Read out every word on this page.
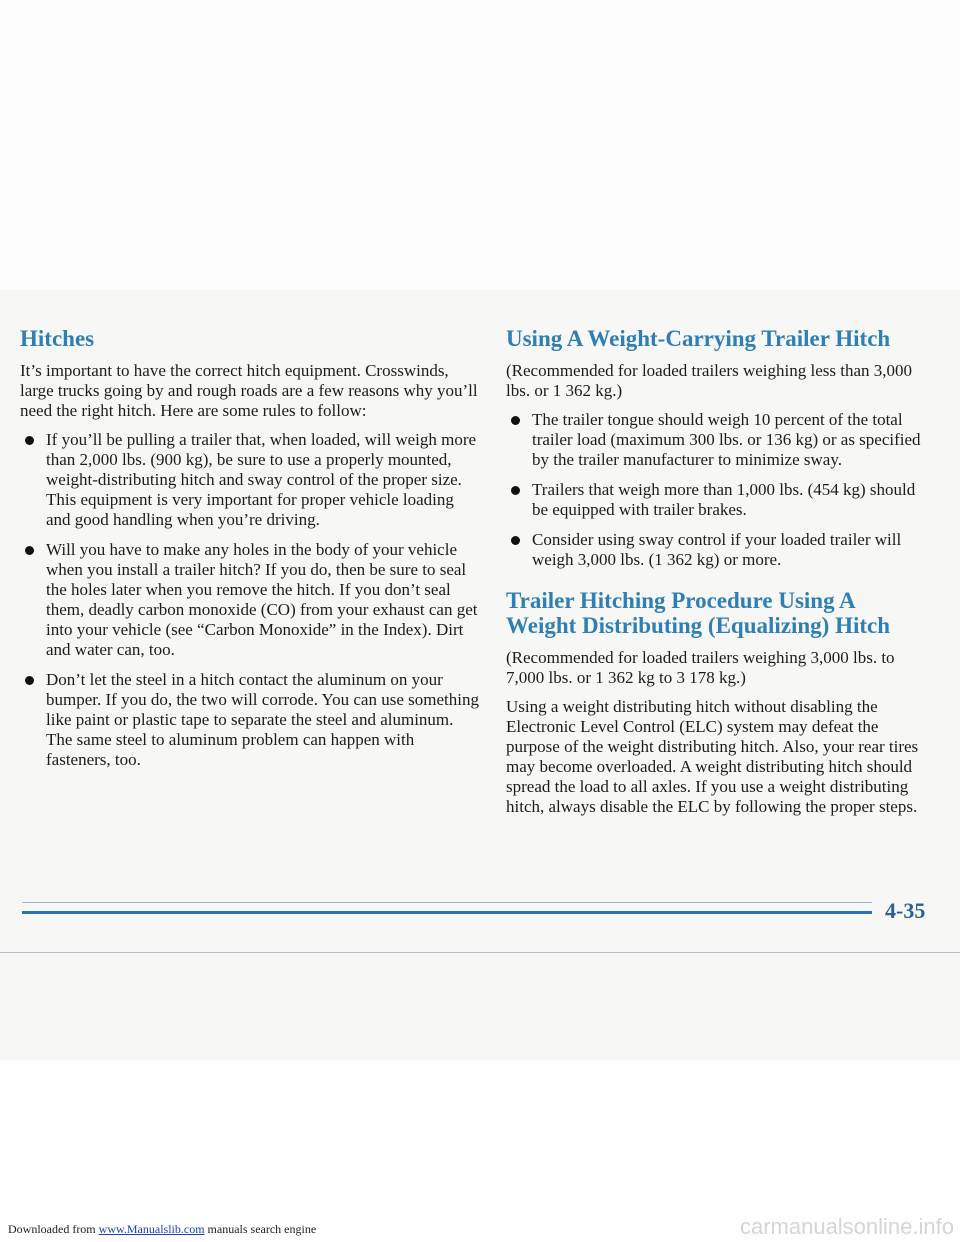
Hitches

It’s important to have the correct hitch equipment. Crosswinds, large trucks going by and rough roads are a few reasons why you’ll need the right hitch. Here are some rules to follow:

If you’ll be pulling a trailer that, when loaded, will weigh more than 2,000 lbs. (900 kg), be sure to use a properly mounted, weight-distributing hitch and sway control of the proper size. This equipment is very important for proper vehicle loading and good handling when you’re driving.
Will you have to make any holes in the body of your vehicle when you install a trailer hitch? If you do, then be sure to seal the holes later when you remove the hitch. If you don’t seal them, deadly carbon monoxide (CO) from your exhaust can get into your vehicle (see “Carbon Monoxide” in the Index). Dirt and water can, too.
Don’t let the steel in a hitch contact the aluminum on your bumper. If you do, the two will corrode. You can use something like paint or plastic tape to separate the steel and aluminum. The same steel to aluminum problem can happen with fasteners, too.
Using A Weight-Carrying Trailer Hitch

(Recommended for loaded trailers weighing less than 3,000 lbs. or 1 362 kg.)

The trailer tongue should weigh 10 percent of the total trailer load (maximum 300 lbs. or 136 kg) or as specified by the trailer manufacturer to minimize sway.
Trailers that weigh more than 1,000 lbs. (454 kg) should be equipped with trailer brakes.
Consider using sway control if your loaded trailer will weigh 3,000 lbs. (1 362 kg) or more.
Trailer Hitching Procedure Using A Weight Distributing (Equalizing) Hitch

(Recommended for loaded trailers weighing 3,000 lbs. to 7,000 lbs. or 1 362 kg to 3 178 kg.)

Using a weight distributing hitch without disabling the Electronic Level Control (ELC) system may defeat the purpose of the weight distributing hitch. Also, your rear tires may become overloaded. A weight distributing hitch should spread the load to all axles. If you use a weight distributing hitch, always disable the ELC by following the proper steps.

4-35
Downloaded from www.Manualslib.com manuals search engine	carmanualsonline.info
